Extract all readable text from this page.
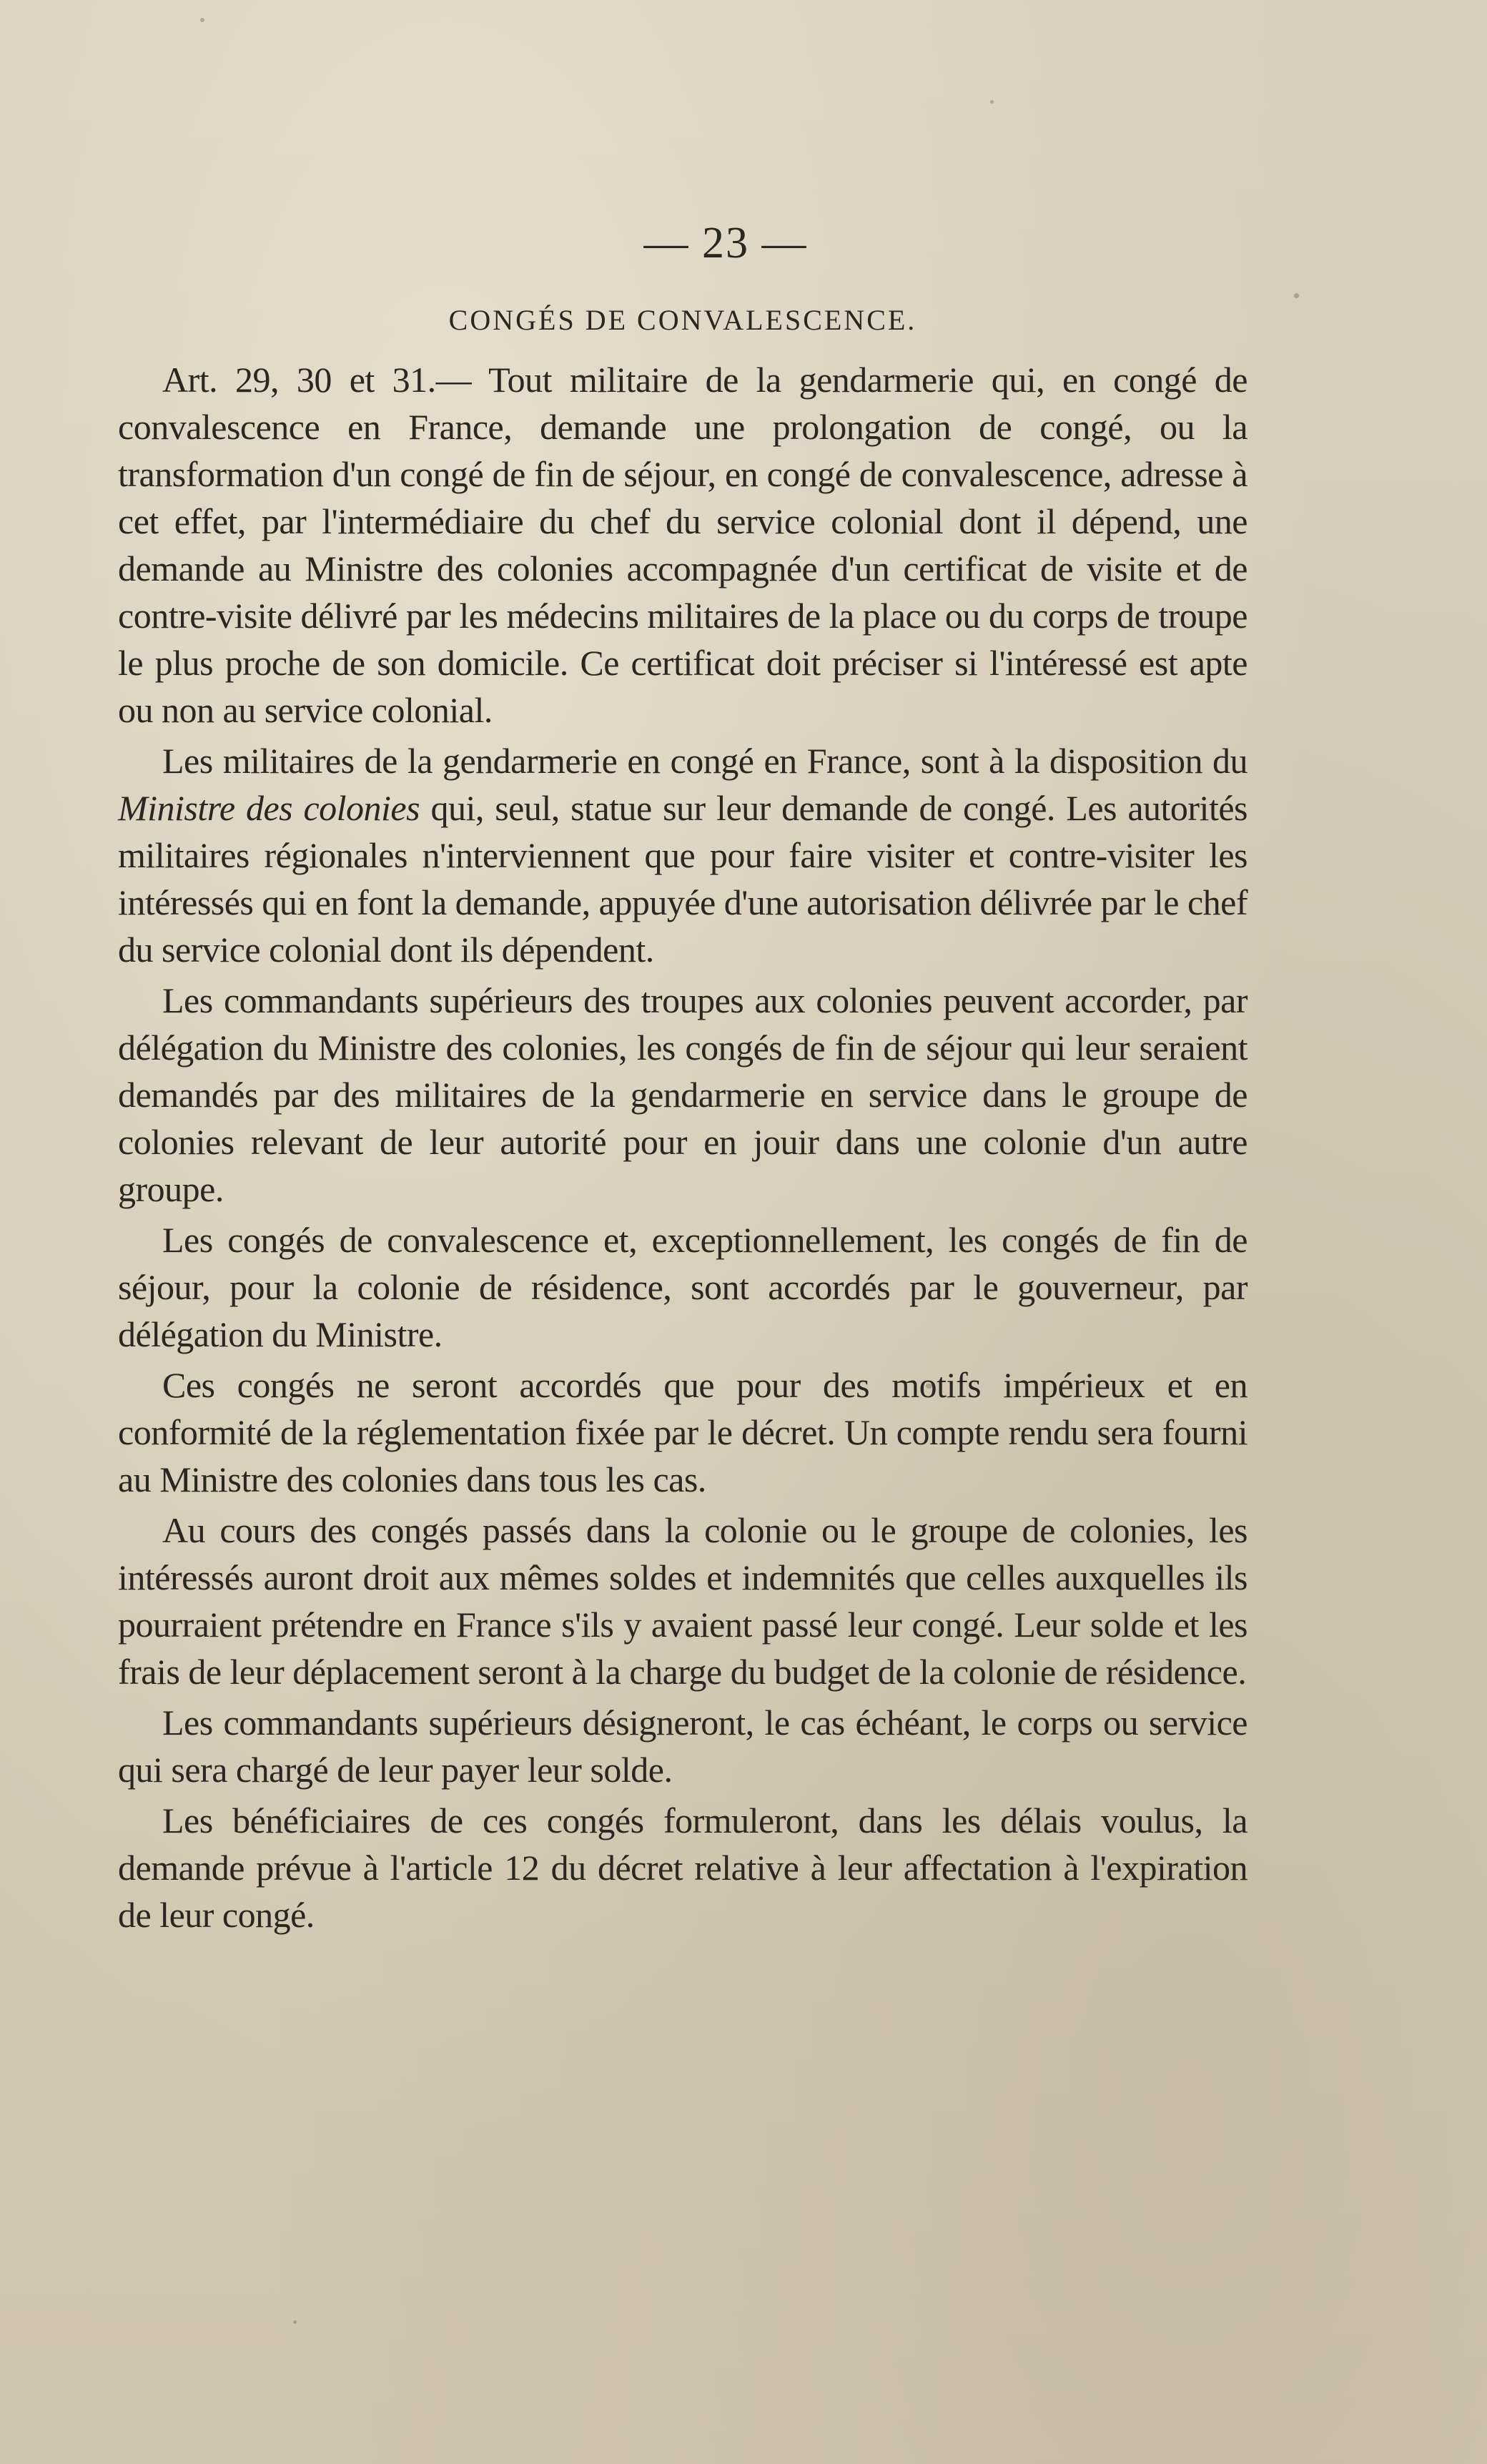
— 23 —
CONGÉS DE CONVALESCENCE.

Art. 29, 30 et 31.— Tout militaire de la gendarmerie qui, en congé de convalescence en France, demande une prolongation de congé, ou la transformation d'un congé de fin de séjour, en congé de convalescence, adresse à cet effet, par l'intermédiaire du chef du service colonial dont il dépend, une demande au Ministre des colonies accompagnée d'un certificat de visite et de contre-visite délivré par les médecins militaires de la place ou du corps de troupe le plus proche de son domicile. Ce certificat doit préciser si l'intéressé est apte ou non au service colonial.

Les militaires de la gendarmerie en congé en France, sont à la disposition du Ministre des colonies qui, seul, statue sur leur demande de congé. Les autorités militaires régionales n'interviennent que pour faire visiter et contre-visiter les intéressés qui en font la demande, appuyée d'une autorisation délivrée par le chef du service colonial dont ils dépendent.

Les commandants supérieurs des troupes aux colonies peuvent accorder, par délégation du Ministre des colonies, les congés de fin de séjour qui leur seraient demandés par des militaires de la gendarmerie en service dans le groupe de colonies relevant de leur autorité pour en jouir dans une colonie d'un autre groupe.

Les congés de convalescence et, exceptionnellement, les congés de fin de séjour, pour la colonie de résidence, sont accordés par le gouverneur, par délégation du Ministre.

Ces congés ne seront accordés que pour des motifs impérieux et en conformité de la réglementation fixée par le décret. Un compte rendu sera fourni au Ministre des colonies dans tous les cas.

Au cours des congés passés dans la colonie ou le groupe de colonies, les intéressés auront droit aux mêmes soldes et indemnités que celles auxquelles ils pourraient prétendre en France s'ils y avaient passé leur congé. Leur solde et les frais de leur déplacement seront à la charge du budget de la colonie de résidence.

Les commandants supérieurs désigneront, le cas échéant, le corps ou service qui sera chargé de leur payer leur solde.

Les bénéficiaires de ces congés formuleront, dans les délais voulus, la demande prévue à l'article 12 du décret relative à leur affectation à l'expiration de leur congé.
